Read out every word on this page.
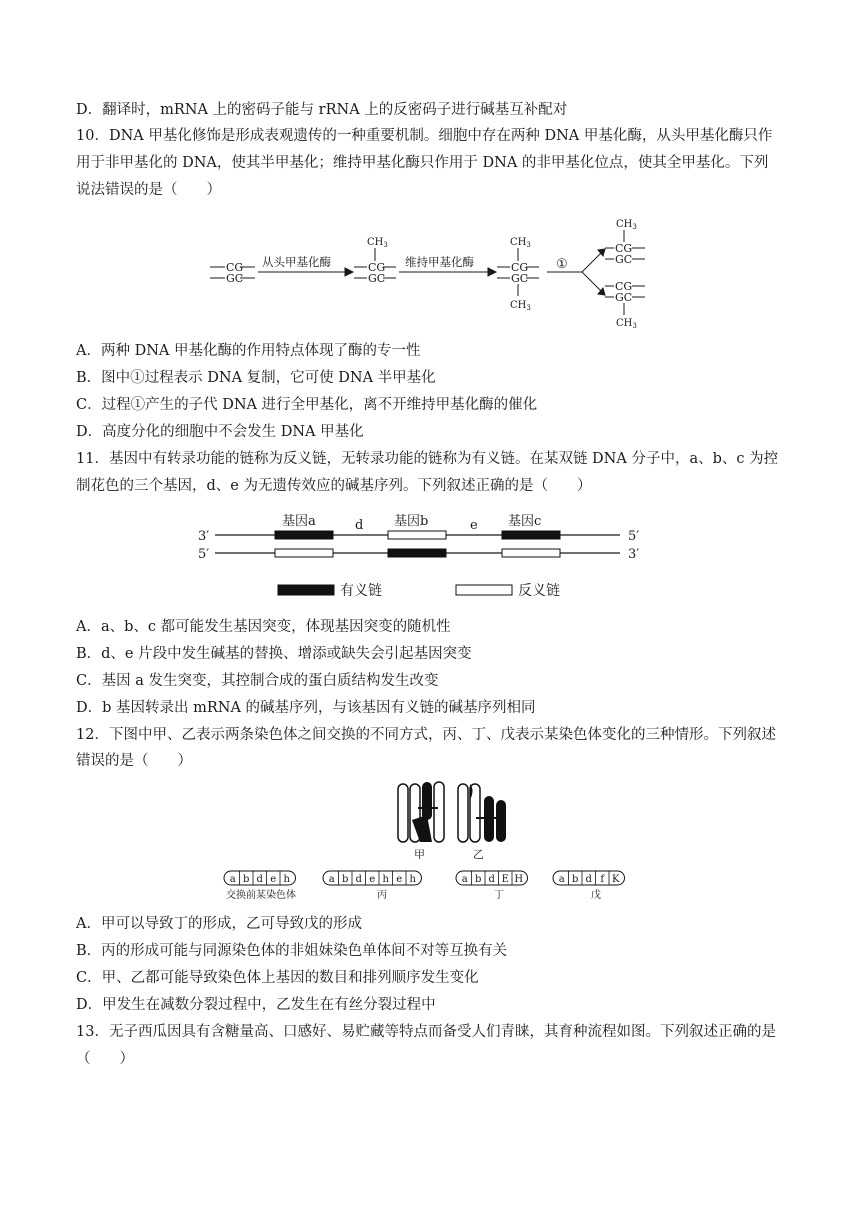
D．翻译时，mRNA 上的密码子能与 rRNA 上的反密码子进行碱基互补配对
10．DNA 甲基化修饰是形成表观遗传的一种重要机制。细胞中存在两种 DNA 甲基化酶，从头甲基化酶只作
用于非甲基化的 DNA，使其半甲基化；维持甲基化酶只作用于 DNA 的非甲基化位点，使其全甲基化。下列
说法错误的是（　　）
CG
GC
从头甲基化酶
$CH_3$
CG
GC
维持甲基化酶
$CH_3$
CG
GC
$CH_3$
①
$CH_3$
CG
GC
CG
GC
$CH_3$
A．两种 DNA 甲基化酶的作用特点体现了酶的专一性
B．图中①过程表示 DNA 复制，它可使 DNA 半甲基化
C．过程①产生的子代 DNA 进行全甲基化，离不开维持甲基化酶的催化
D．高度分化的细胞中不会发生 DNA 甲基化
11．基因中有转录功能的链称为反义链，无转录功能的链称为有义链。在某双链 DNA 分子中，a、b、c 为控
制花色的三个基因，d、e 为无遗传效应的碱基序列。下列叙述正确的是（　　）
3′
5′
5′
3′
基因a	d 基因b	e 基因c
有义链	反义链
A．a、b、c 都可能发生基因突变，体现基因突变的随机性
B．d、e 片段中发生碱基的替换、增添或缺失会引起基因突变
C．基因 a 发生突变，其控制合成的蛋白质结构发生改变
D．b 基因转录出 mRNA 的碱基序列，与该基因有义链的碱基序列相同
12．下图中甲、乙表示两条染色体之间交换的不同方式，丙、丁、戊表示某染色体变化的三种情形。下列叙述
错误的是（　　）
甲	乙
a b d e h	a b d e h e h	a b d E H	a b d f K
交换前某染色体	丙	丁	戊
A．甲可以导致丁的形成，乙可导致戊的形成
B．丙的形成可能与同源染色体的非姐妹染色单体间不对等互换有关
C．甲、乙都可能导致染色体上基因的数目和排列顺序发生变化
D．甲发生在减数分裂过程中，乙发生在有丝分裂过程中
13．无子西瓜因具有含糖量高、口感好、易贮藏等特点而备受人们青睐，其育种流程如图。下列叙述正确的是
（　　）
